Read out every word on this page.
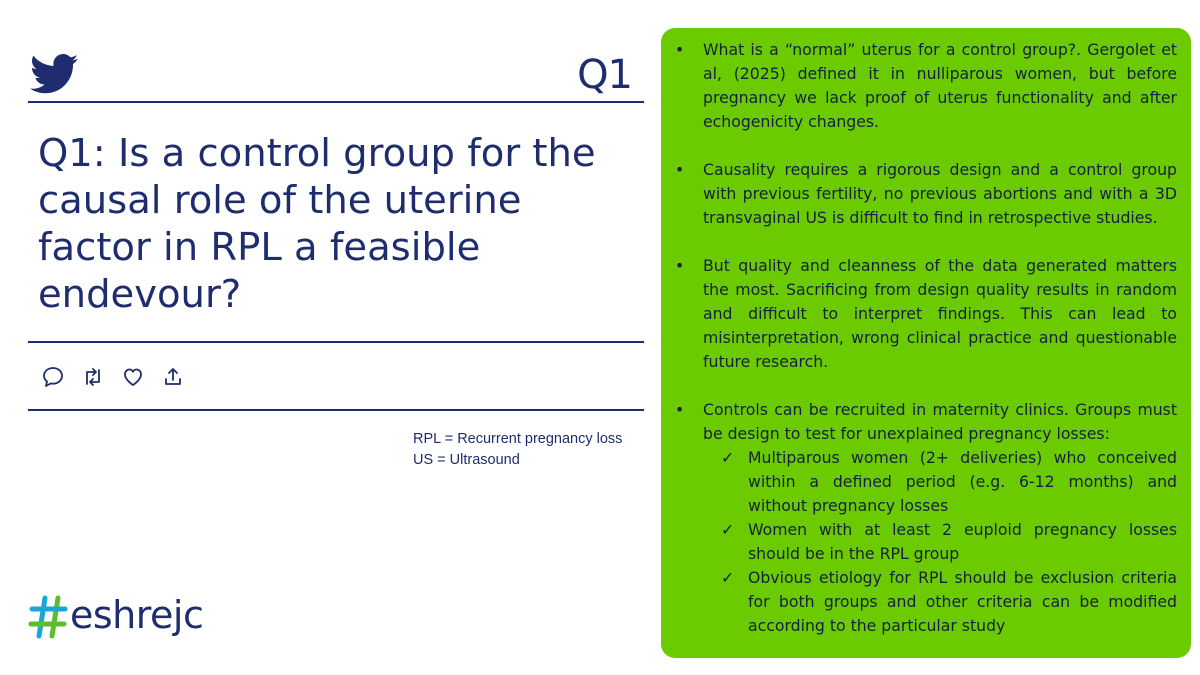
Q1
Q1: Is a control group for the causal role of the uterine factor in RPL a feasible endevour?
RPL = Recurrent pregnancy loss
US = Ultrasound
eshrejc
• What is a “normal” uterus for a control group?. Gergolet et al, (2025) defined it in nulliparous women, but before pregnancy we lack proof of uterus functionality and after echogenicity changes.
• Causality requires a rigorous design and a control group with previous fertility, no previous abortions and with a 3D transvaginal US is difficult to find in retrospective studies.
• But quality and cleanness of the data generated matters the most. Sacrificing from design quality results in random and difficult to interpret findings. This can lead to misinterpretation, wrong clinical practice and questionable future research.
• Controls can be recruited in maternity clinics. Groups must be design to test for unexplained pregnancy losses:
✓ Multiparous women (2+ deliveries) who conceived within a defined period (e.g. 6-12 months) and without pregnancy losses
✓ Women with at least 2 euploid pregnancy losses should be in the RPL group
✓ Obvious etiology for RPL should be exclusion criteria for both groups and other criteria can be modified according to the particular study
